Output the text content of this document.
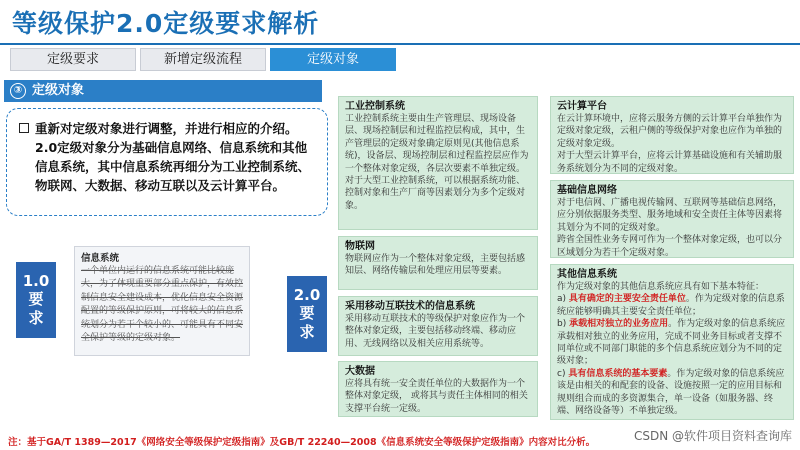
等级保护2.0定级要求解析
定级要求	新增定级流程	定级对象
③ 定级对象
重新对定级对象进行调整，并进行相应的介绍。2.0定级对象分为基础信息网络、信息系统和其他信息系统，其中信息系统再细分为工业控制系统、物联网、大数据、移动互联以及云计算平台。
1.0
要
求
信息系统
一个单位内运行的信息系统可能比较庞大，为了体现重要部分重点保护，有效控制信息安全建设成本，优化信息安全资源配置的等级保护原则，可将较大的信息系统划分为若干个较小的、可能具有不同安全保护等级的定级对象。
2.0
要
求
工业控制系统

工业控制系统主要由生产管理层、现场设备层、现场控制层和过程监控层构成，其中，生产管理层的定级对象确定原则见(其他信息系统)，设备层、现场控制层和过程监控层应作为一个整体对象定级，各层次要素不单独定级。

对于大型工业控制系统，可以根据系统功能、控制对象和生产厂商等因素划分为多个定级对象。

物联网

物联网应作为一个整体对象定级，主要包括感知层、网络传输层和处理应用层等要素。

采用移动互联技术的信息系统

采用移动互联技术的等级保护对象应作为一个整体对象定级，主要包括移动终端、移动应用、无线网络以及相关应用系统等。

大数据

应将具有统一安全责任单位的大数据作为一个整体对象定级， 或将其与责任主体相同的相关支撑平台统一定级。

云计算平台

在云计算环境中，应将云服务方侧的云计算平台单独作为定级对象定级，云租户侧的等级保护对象也应作为单独的定级对象定级。

对于大型云计算平台，应将云计算基础设施和有关辅助服务系统划分为不同的定级对象。

基础信息网络

对于电信网、广播电视传输网、互联网等基础信息网络，应分别依据服务类型、服务地域和安全责任主体等因素将其划分为不同的定级对象。

跨省全国性业务专网可作为一个整体对象定级，也可以分区域划分为若干个定级对象。

其他信息系统

作为定级对象的其他信息系统应具有如下基本特征：

a) 具有确定的主要安全责任单位。作为定级对象的信息系统应能够明确其主要安全责任单位；

b) 承载相对独立的业务应用。作为定级对象的信息系统应承载相对独立的业务应用，完成不同业务目标或者支撑不同单位或不同部门职能的多个信息系统应划分为不同的定级对象；

c) 具有信息系统的基本要素。作为定级对象的信息系统应该是由相关的和配套的设备、设施按照一定的应用目标和规则组合而成的多资源集合，单一设备（如服务器、终端、网络设备等）不单独定级。

注：基于GA/T 1389—2017《网络安全等级保护定级指南》及GB/T 22240—2008《信息系统安全等级保护定级指南》内容对比分析。	CSDN @软件项目资料查询库
